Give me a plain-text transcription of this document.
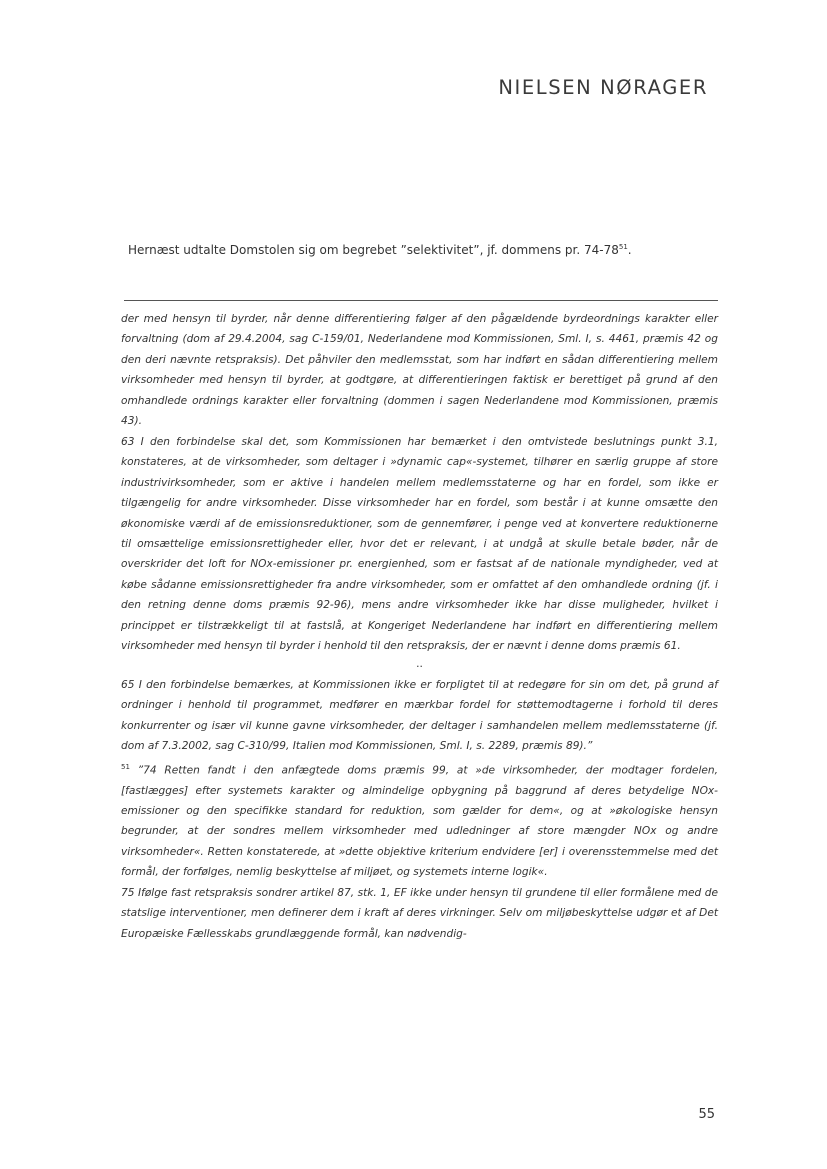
NIELSEN NØRAGER
Hernæst udtalte Domstolen sig om begrebet ”selektivitet”, jf. dommens pr. $74-78^{51}$.

der med hensyn til byrder, når denne differentiering følger af den pågældende byrdeordnings karakter eller forvaltning (dom af 29.4.2004, sag C-159/01, Nederlandene mod Kommissionen, Sml. I, s. 4461, præmis 42 og den deri nævnte retspraksis). Det påhviler den medlemsstat, som har indført en sådan differentiering mellem virksomheder med hensyn til byrder, at godtgøre, at differentieringen faktisk er berettiget på grund af den omhandlede ordnings karakter eller forvaltning (dommen i sagen Nederlandene mod Kommissionen, præmis 43).

63 I den forbindelse skal det, som Kommissionen har bemærket i den omtvistede beslutnings punkt 3.1, konstateres, at de virksomheder, som deltager i »dynamic cap«-systemet, tilhører en særlig gruppe af store industrivirksomheder, som er aktive i handelen mellem medlemsstaterne og har en fordel, som ikke er tilgængelig for andre virksomheder. Disse virksomheder har en fordel, som består i at kunne omsætte den økonomiske værdi af de emissionsreduktioner, som de gennemfører, i penge ved at konvertere reduktionerne til omsættelige emissionsrettigheder eller, hvor det er relevant, i at undgå at skulle betale bøder, når de overskrider det loft for NOx-emissioner pr. energienhed, som er fastsat af de nationale myndigheder, ved at købe sådanne emissionsrettigheder fra andre virksomheder, som er omfattet af den omhandlede ordning (jf. i den retning denne doms præmis 92-96), mens andre virksomheder ikke har disse muligheder, hvilket i princippet er tilstrækkeligt til at fastslå, at Kongeriget Nederlandene har indført en differentiering mellem virksomheder med hensyn til byrder i henhold til den retspraksis, der er nævnt i denne doms præmis 61.

..

65 I den forbindelse bemærkes, at Kommissionen ikke er forpligtet til at redegøre for sin om det, på grund af ordninger i henhold til programmet, medfører en mærkbar fordel for støttemodtagerne i forhold til deres konkurrenter og især vil kunne gavne virksomheder, der deltager i samhandelen mellem medlemsstaterne (jf. dom af 7.3.2002, sag C-310/99, Italien mod Kommissionen, Sml. I, s. 2289, præmis 89).”

$^{51}$ ”74 Retten fandt i den anfægtede doms præmis 99, at »de virksomheder, der modtager fordelen, [fastlægges] efter systemets karakter og almindelige opbygning på baggrund af deres betydelige NOx-emissioner og den specifikke standard for reduktion, som gælder for dem«, og at »økologiske hensyn begrunder, at der sondres mellem virksomheder med udledninger af store mængder NOx og andre virksomheder«. Retten konstaterede, at »dette objektive kriterium endvidere [er] i overensstemmelse med det formål, der forfølges, nemlig beskyttelse af miljøet, og systemets interne logik«.

75 Ifølge fast retspraksis sondrer artikel 87, stk. 1, EF ikke under hensyn til grundene til eller formålene med de statslige interventioner, men definerer dem i kraft af deres virkninger. Selv om miljøbeskyttelse udgør et af Det Europæiske Fællesskabs grundlæggende formål, kan nødvendig-

55
